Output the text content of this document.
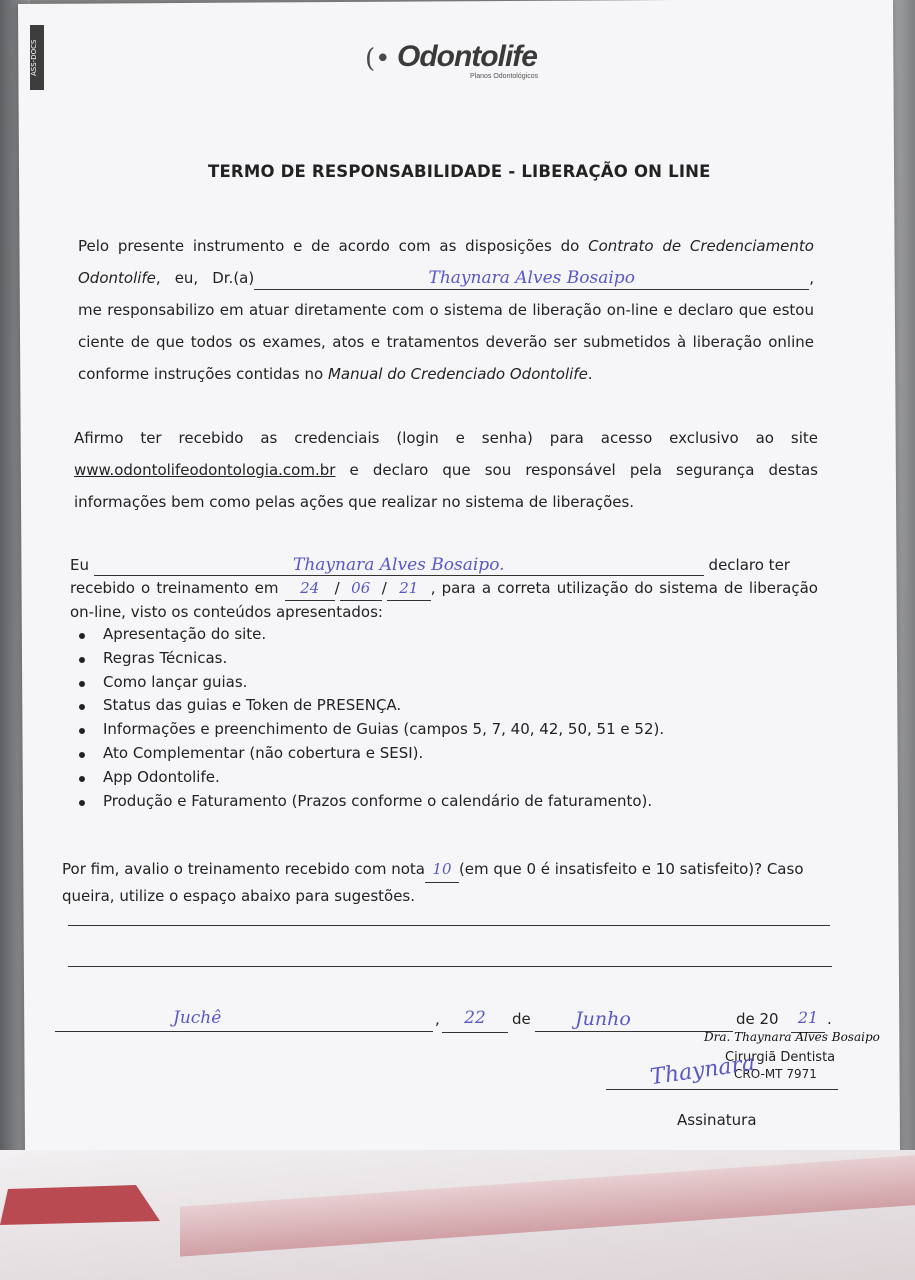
ASS-DOCS	(• Odontolife
Planos Odontológicos
TERMO DE RESPONSABILIDADE - LIBERAÇÃO ON LINE
Pelo presente instrumento e de acordo com as disposições do Contrato de Credenciamento Odontolife, eu, Dr.(a)	Thaynara Alves Bosaipo	, me responsabilizo em atuar diretamente com o sistema de liberação on-line e declaro que estou ciente de que todos os exames, atos e tratamentos deverão ser submetidos à liberação online conforme instruções contidas no Manual do Credenciado Odontolife.
Afirmo ter recebido as credenciais (login e senha) para acesso exclusivo ao site www.odontolifeodontologia.com.br e declaro que sou responsável pela segurança destas informações bem como pelas ações que realizar no sistema de liberações.
Eu	Thaynara Alves Bosaipo.	declaro ter
recebido o treinamento em 24 / 06 / 21 , para a correta utilização do sistema de liberação on-line, visto os conteúdos apresentados:
Apresentação do site.
Regras Técnicas.
Como lançar guias.
Status das guias e Token de PRESENÇA.
Informações e preenchimento de Guias (campos 5, 7, 40, 42, 50, 51 e 52).
Ato Complementar (não cobertura e SESI).
App Odontolife.
Produção e Faturamento (Prazos conforme o calendário de faturamento).
Por fim, avalio o treinamento recebido com nota 10 (em que 0 é insatisfeito e 10 satisfeito)? Caso queira, utilize o espaço abaixo para sugestões.
Juchê	,	22	de	Junho	de 20	21 .
Dra. Thaynara Alves Bosaipo
Cirurgiã Dentista
CRO-MT 7971
Thaynara
Assinatura
